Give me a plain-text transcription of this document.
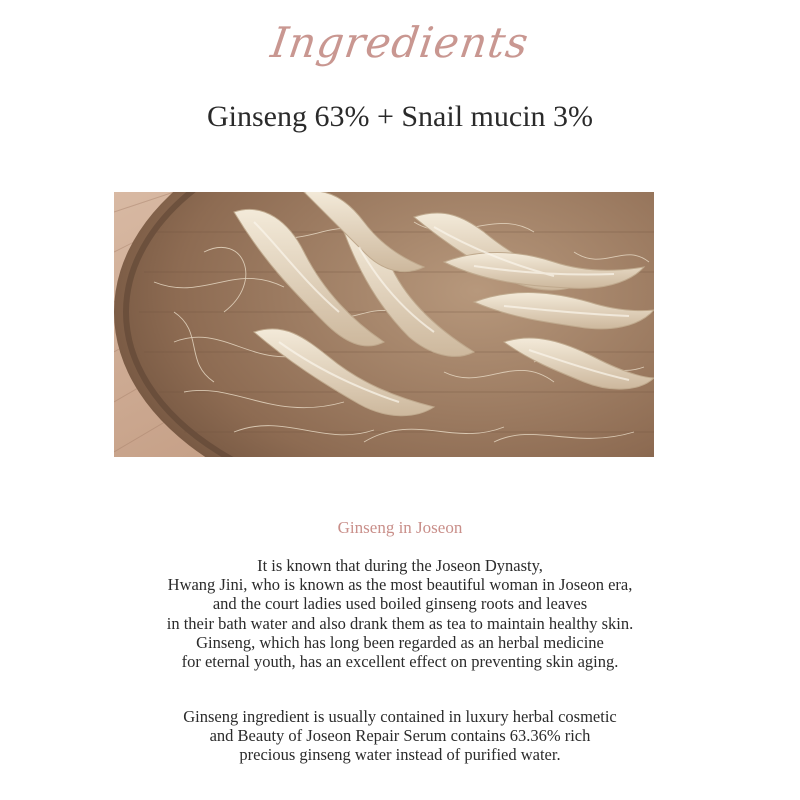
Ingredients
Ginseng 63% + Snail mucin 3%
Ginseng in Joseon
It is known that during the Joseon Dynasty,
Hwang Jini, who is known as the most beautiful woman in Joseon era,
and the court ladies used boiled ginseng roots and leaves
in their bath water and also drank them as tea to maintain healthy skin.
Ginseng, which has long been regarded as an herbal medicine
for eternal youth, has an excellent effect on preventing skin aging.
Ginseng ingredient is usually contained in luxury herbal cosmetic
and Beauty of Joseon Repair Serum contains 63.36% rich
precious ginseng water instead of purified water.
